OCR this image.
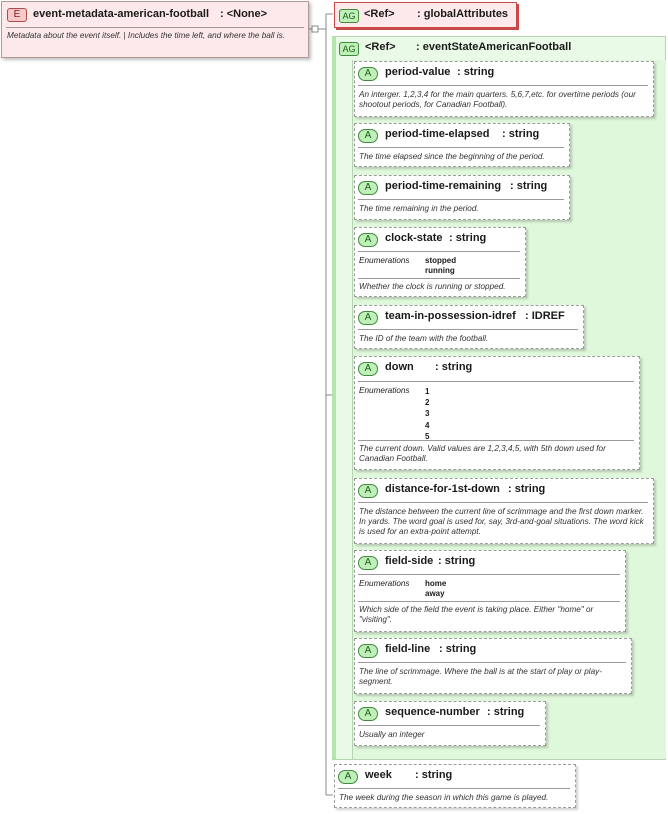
E	event-metadata-american-football : <None>
Metadata about the event itself. | Includes the time left, and where the ball is.
AG <Ref> : globalAttributes
AG <Ref> : eventStateAmericanFootball
A	period-value : string
An interger. 1,2,3,4 for the main quarters. 5,6,7,etc. for overtime periods (our shootout periods, for Canadian Football).
A	period-time-elapsed : string
The time elapsed since the beginning of the period.
A	period-time-remaining : string
The time remaining in the period.
A	clock-state : string
Enumerations stopped
running
Whether the clock is running or stopped.
A	team-in-possession-idref : IDREF
The ID of the team with the football.
A	down : string
Enumerations 1
2
3
4
5
The current down. Valid values are 1,2,3,4,5, with 5th down used for Canadian Football.
A	distance-for-1st-down : string
The distance between the current line of scrimmage and the first down marker. In yards. The word goal is used for, say, 3rd-and-goal situations. The word kick is used for an extra-point attempt.
A	field-side : string
Enumerations home
away
Which side of the field the event is taking place. Either "home" or "visiting".
A	field-line : string
The line of scrimmage. Where the ball is at the start of play or play-segment.
A	sequence-number : string
Usually an integer
A	week : string
The week during the season in which this game is played.
